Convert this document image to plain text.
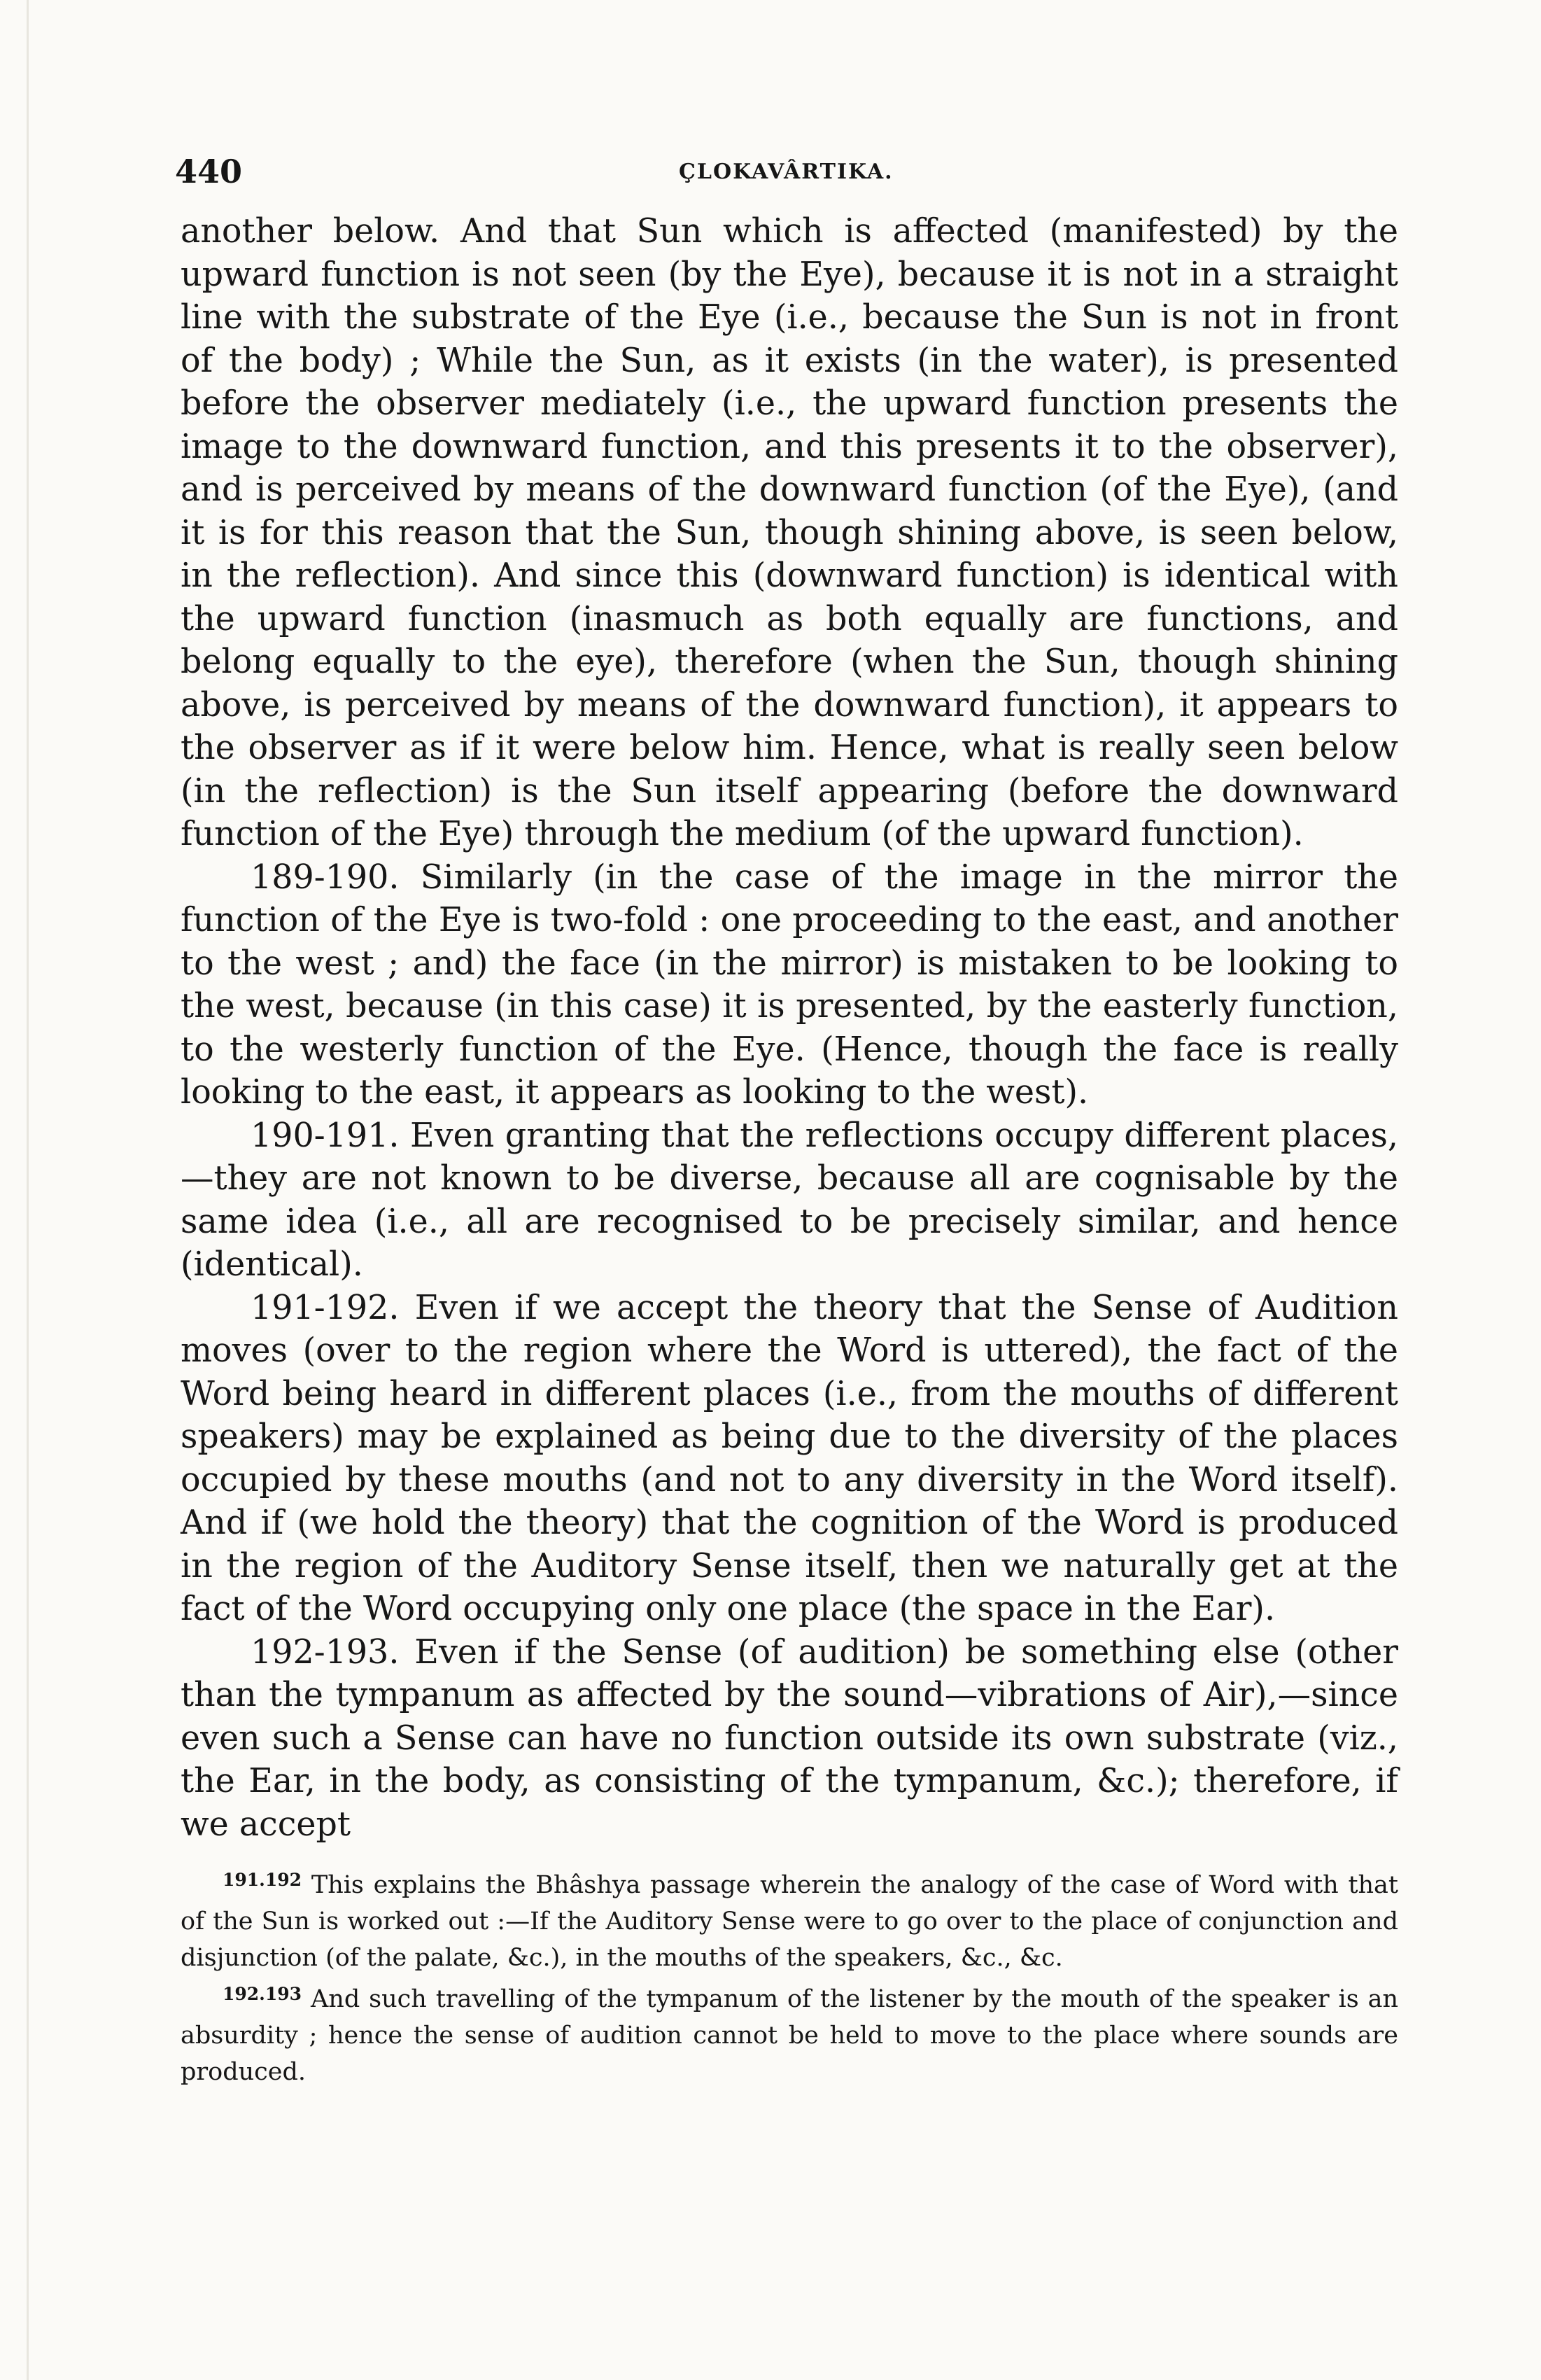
440	ÇLOKAVÂRTIKA.

another below. And that Sun which is affected (manifested) by the upward function is not seen (by the Eye), because it is not in a straight line with the substrate of the Eye (i.e., because the Sun is not in front of the body) ; While the Sun, as it exists (in the water), is presented before the observer mediately (i.e., the upward function presents the image to the downward function, and this presents it to the observer), and is perceived by means of the downward function (of the Eye), (and it is for this reason that the Sun, though shining above, is seen below, in the reflection). And since this (downward function) is identical with the upward function (inasmuch as both equally are functions, and belong equally to the eye), therefore (when the Sun, though shining above, is perceived by means of the downward function), it appears to the observer as if it were below him. Hence, what is really seen below (in the reflection) is the Sun itself appearing (before the downward function of the Eye) through the medium (of the upward function).

189-190. Similarly (in the case of the image in the mirror the function of the Eye is two-fold : one proceeding to the east, and another to the west ; and) the face (in the mirror) is mistaken to be looking to the west, because (in this case) it is presented, by the easterly function, to the westerly function of the Eye. (Hence, though the face is really looking to the east, it appears as looking to the west).

190-191. Even granting that the reflections occupy different places, —they are not known to be diverse, because all are cognisable by the same idea (i.e., all are recognised to be precisely similar, and hence (identical).

191-192. Even if we accept the theory that the Sense of Audition moves (over to the region where the Word is uttered), the fact of the Word being heard in different places (i.e., from the mouths of different speakers) may be explained as being due to the diversity of the places occupied by these mouths (and not to any diversity in the Word itself). And if (we hold the theory) that the cognition of the Word is produced in the region of the Auditory Sense itself, then we naturally get at the fact of the Word occupying only one place (the space in the Ear).

192-193. Even if the Sense (of audition) be something else (other than the tympanum as affected by the sound—vibrations of Air),—since even such a Sense can have no function outside its own substrate (viz., the Ear, in the body, as consisting of the tympanum, &c.); therefore, if we accept

$^{191.192}$ This explains the Bhâshya passage wherein the analogy of the case of Word with that of the Sun is worked out :—If the Auditory Sense were to go over to the place of conjunction and disjunction (of the palate, &c.), in the mouths of the speakers, &c., &c.

$^{192.193}$ And such travelling of the tympanum of the listener by the mouth of the speaker is an absurdity ; hence the sense of audition cannot be held to move to the place where sounds are produced.
